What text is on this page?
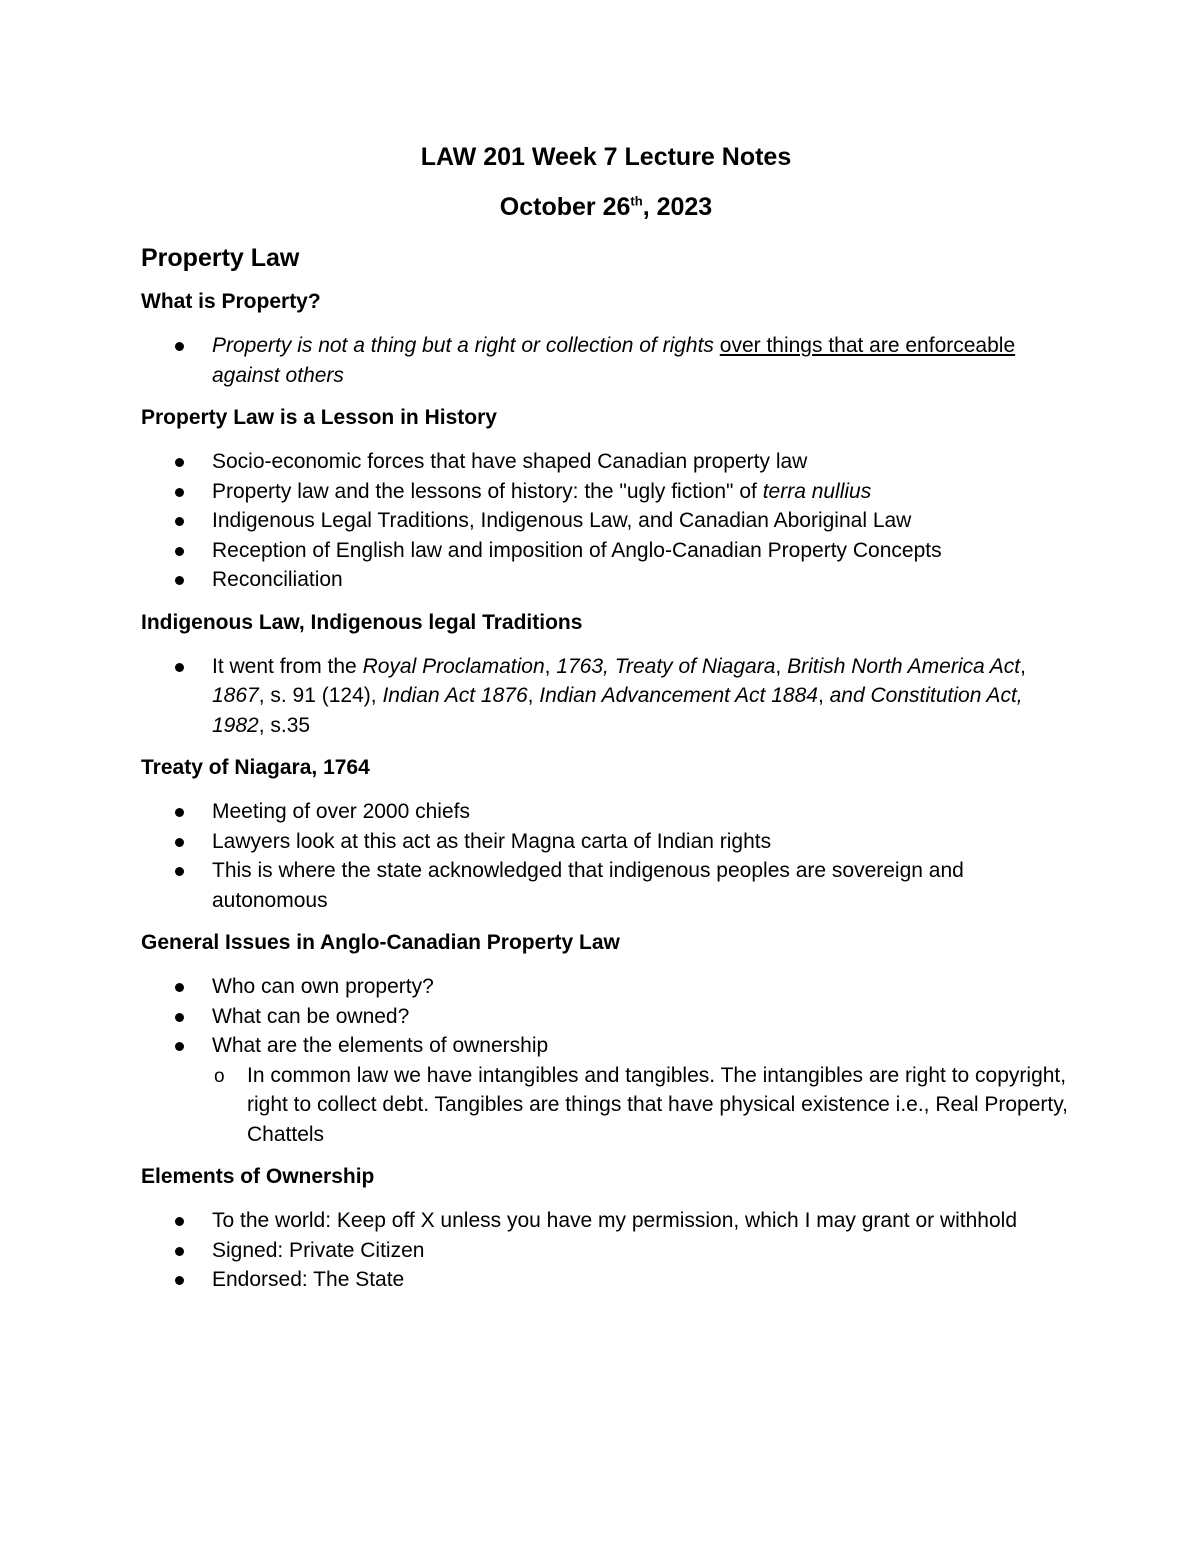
LAW 201 Week 7 Lecture Notes
October 26th, 2023
Property Law
What is Property?
Property is not a thing but a right or collection of rights over things that are enforceable against others
Property Law is a Lesson in History
Socio-economic forces that have shaped Canadian property law
Property law and the lessons of history: the "ugly fiction" of terra nullius
Indigenous Legal Traditions, Indigenous Law, and Canadian Aboriginal Law
Reception of English law and imposition of Anglo-Canadian Property Concepts
Reconciliation
Indigenous Law, Indigenous legal Traditions
It went from the Royal Proclamation, 1763, Treaty of Niagara, British North America Act, 1867, s. 91 (124), Indian Act 1876, Indian Advancement Act 1884, and Constitution Act, 1982, s.35
Treaty of Niagara, 1764
Meeting of over 2000 chiefs
Lawyers look at this act as their Magna carta of Indian rights
This is where the state acknowledged that indigenous peoples are sovereign and autonomous
General Issues in Anglo-Canadian Property Law
Who can own property?
What can be owned?
What are the elements of ownership
o In common law we have intangibles and tangibles. The intangibles are right to copyright, right to collect debt. Tangibles are things that have physical existence i.e., Real Property, Chattels
Elements of Ownership
To the world: Keep off X unless you have my permission, which I may grant or withhold
Signed: Private Citizen
Endorsed: The State
